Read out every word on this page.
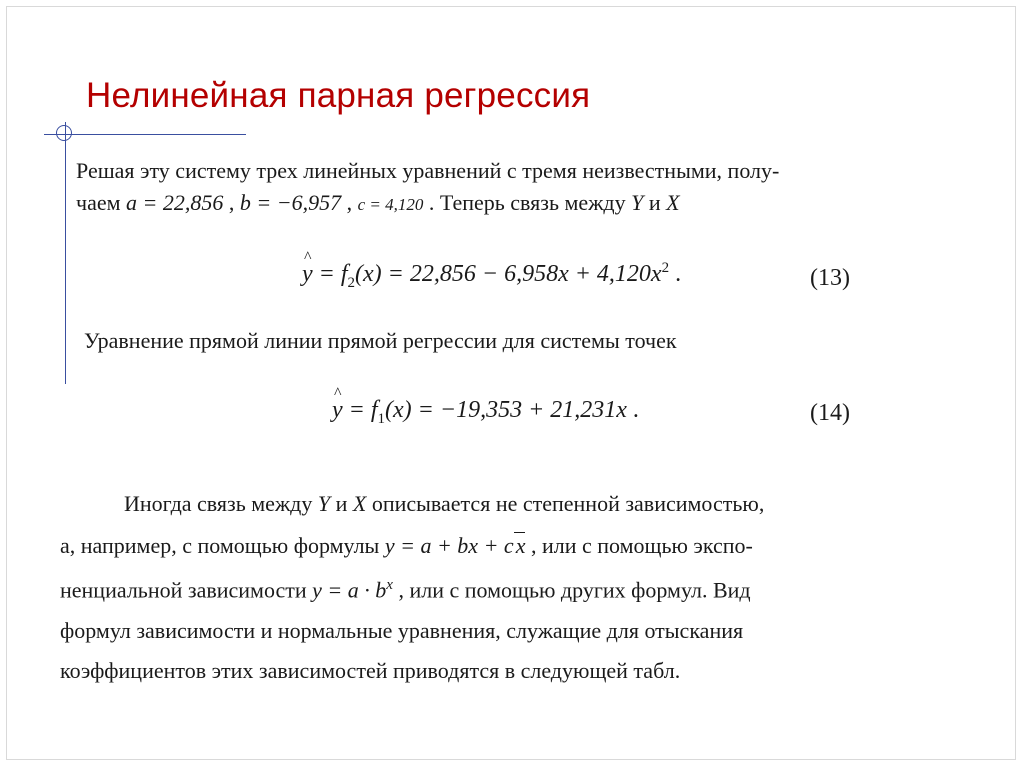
Нелинейная парная регрессия
Решая эту систему трех линейных уравнений с тремя неизвестными, полу-
чаем a = 22,856 , b = −6,957 , c = 4,120 . Теперь связь между Y и X
^ $y = f_2(x) = 22,856 - 6,958x + 4,120x^2$ .	(13)
Уравнение прямой линии прямой регрессии для системы точек
^ $y = f_1(x) = -19,353 + 21,231x$ .	(14)
Иногда связь между Y и X описывается не степенной зависимостью,
а, например, с помощью формулы y = a + bx + cx , или с помощью экспо-
ненциальной зависимости $y = a \cdot b^x$ , или с помощью других формул. Вид
формул зависимости и нормальные уравнения, служащие для отыскания
коэффициентов этих зависимостей приводятся в следующей табл.
